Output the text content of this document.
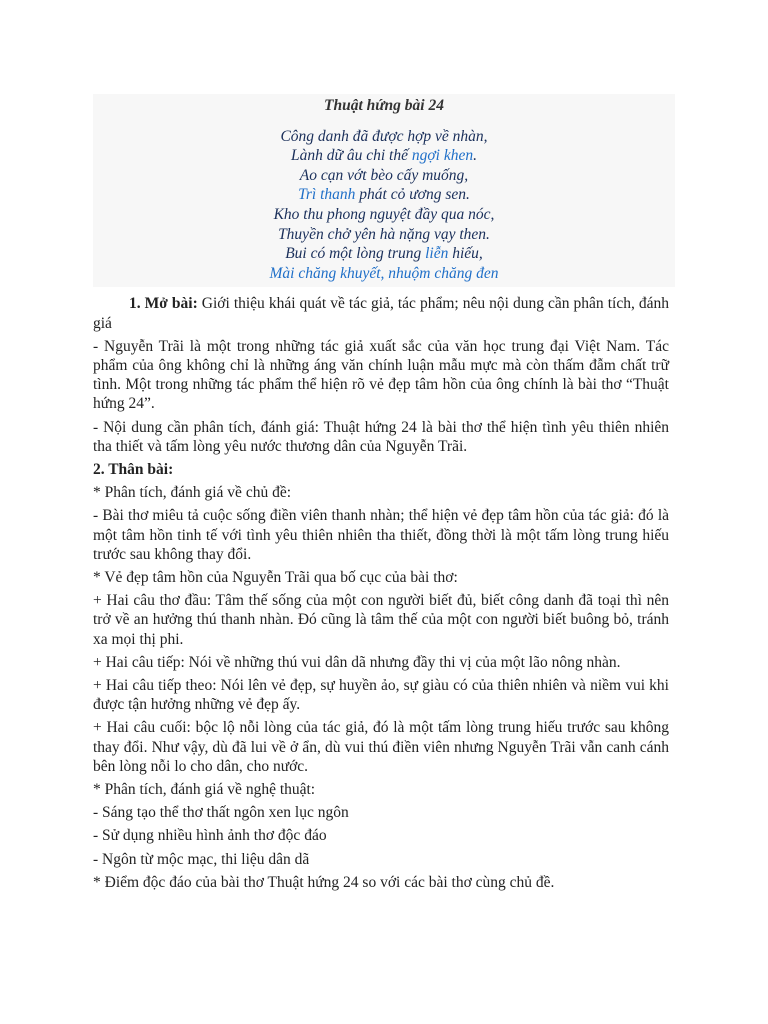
Thuật hứng bài 24
Công danh đã được hợp về nhàn,
Lành dữ âu chi thế ngợi khen.
Ao cạn vớt bèo cấy muống,
Trì thanh phát cỏ ương sen.
Kho thu phong nguyệt đầy qua nóc,
Thuyền chở yên hà nặng vạy then.
Bui có một lòng trung liễn hiếu,
Mài chăng khuyết, nhuộm chăng đen

1. Mở bài: Giới thiệu khái quát về tác giả, tác phẩm; nêu nội dung cần phân tích, đánh giá

- Nguyễn Trãi là một trong những tác giả xuất sắc của văn học trung đại Việt Nam. Tác phẩm của ông không chỉ là những áng văn chính luận mẫu mực mà còn thấm đẫm chất trữ tình. Một trong những tác phẩm thể hiện rõ vẻ đẹp tâm hồn của ông chính là bài thơ “Thuật hứng 24”.

- Nội dung cần phân tích, đánh giá: Thuật hứng 24 là bài thơ thể hiện tình yêu thiên nhiên tha thiết và tấm lòng yêu nước thương dân của Nguyễn Trãi.

2. Thân bài:

* Phân tích, đánh giá về chủ đề:

- Bài thơ miêu tả cuộc sống điền viên thanh nhàn; thể hiện vẻ đẹp tâm hồn của tác giả: đó là một tâm hồn tinh tế với tình yêu thiên nhiên tha thiết, đồng thời là một tấm lòng trung hiếu trước sau không thay đổi.

* Vẻ đẹp tâm hồn của Nguyễn Trãi qua bố cục của bài thơ:

+ Hai câu thơ đầu: Tâm thế sống của một con người biết đủ, biết công danh đã toại thì nên trở về an hưởng thú thanh nhàn. Đó cũng là tâm thế của một con người biết buông bỏ, tránh xa mọi thị phi.

+ Hai câu tiếp: Nói về những thú vui dân dã nhưng đầy thi vị của một lão nông nhàn.

+ Hai câu tiếp theo: Nói lên vẻ đẹp, sự huyền ảo, sự giàu có của thiên nhiên và niềm vui khi được tận hưởng những vẻ đẹp ấy.

+ Hai câu cuối: bộc lộ nỗi lòng của tác giả, đó là một tấm lòng trung hiếu trước sau không thay đổi. Như vậy, dù đã lui về ở ẩn, dù vui thú điền viên nhưng Nguyễn Trãi vẫn canh cánh bên lòng nỗi lo cho dân, cho nước.

* Phân tích, đánh giá về nghệ thuật:

- Sáng tạo thể thơ thất ngôn xen lục ngôn

- Sử dụng nhiều hình ảnh thơ độc đáo

- Ngôn từ mộc mạc, thi liệu dân dã

* Điểm độc đáo của bài thơ Thuật hứng 24 so với các bài thơ cùng chủ đề.
